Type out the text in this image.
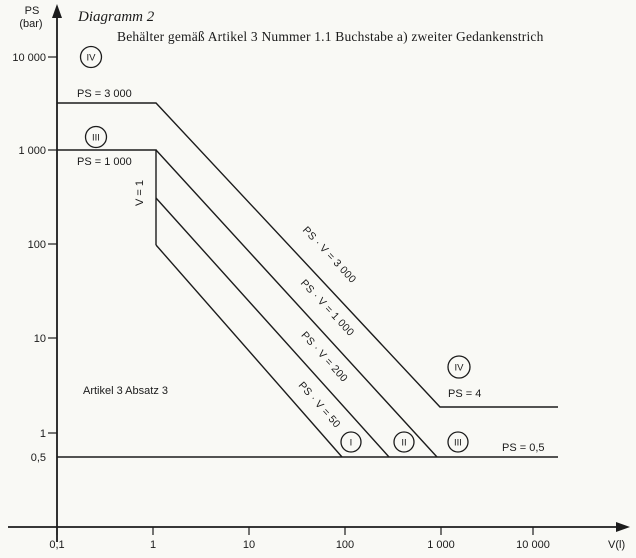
Diagramm 2
Behälter gemäß Artikel 3 Nummer 1.1 Buchstabe a) zweiter Gedankenstrich
PS
(bar)
V(l)
10 000
1 000
100
10
1
0,5
0,1	1	10	100	1 000	10 000
PS = 3 000
PS = 1 000
PS = 4
PS = 0,5
V = 1
PS · V = 3 000
PS · V = 1 000
PS · V = 200
PS · V = 50
Artikel 3 Absatz 3
IV
III
I	II	III
IV
